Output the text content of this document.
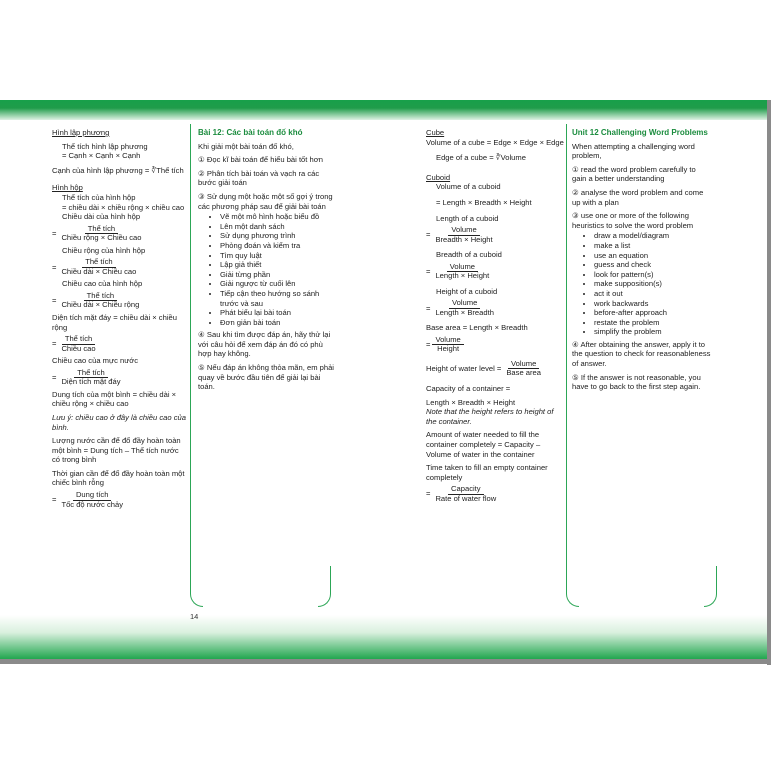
Hình lập phương

Thể tích hình lập phương
= Cạnh × Cạnh × Cạnh
Cạnh của hình lập phương = ∛Thể tích
Hình hộp
Thể tích của hình hộp
= chiều dài × chiều rộng × chiều cao
Chiều dài của hình hộp
= $\frac{\text{Thể tích}}{\text{Chiều rộng × Chiều cao}}$
Chiều rộng của hình hộp
= $\frac{\text{Thể tích}}{\text{Chiều dài × Chiều cao}}$
Chiều cao của hình hộp
= $\frac{\text{Thể tích}}{\text{Chiều dài × Chiều rộng}}$
Diện tích mặt đáy = chiều dài × chiều rộng
= $\frac{\text{Thể tích}}{\text{Chiều cao}}$
Chiều cao của mực nước
= $\frac{\text{Thể tích}}{\text{Diện tích mặt đáy}}$

Dung tích của một bình = chiều dài × chiều rộng × chiều cao

Lưu ý: chiều cao ở đây là chiều cao của bình.

Lượng nước cần để đổ đầy hoàn toàn một bình = Dung tích – Thể tích nước có trong bình

Thời gian cần để đổ đầy hoàn toàn một chiếc bình rỗng
= $\frac{\text{Dung tích}}{\text{Tốc độ nước chảy}}$
Bài 12: Các bài toán đố khó

Khi giải một bài toán đố khó,

① Đọc kĩ bài toán để hiểu bài tốt hơn

② Phân tích bài toán và vạch ra các bước giải toán

③ Sử dụng một hoặc một số gợi ý trong các phương pháp sau để giải bài toán

• Vẽ một mô hình hoặc biểu đồ
• Lên một danh sách
• Sử dụng phương trình
• Phỏng đoán và kiểm tra
• Tìm quy luật
• Lập giả thiết
• Giải từng phần
• Giải ngược từ cuối lên
• Tiếp cận theo hướng so sánh trước và sau
• Phát biểu lại bài toán
• Đơn giản bài toán

④ Sau khi tìm được đáp án, hãy thử lại với câu hỏi để xem đáp án đó có phù hợp hay không.

⑤ Nếu đáp án không thỏa mãn, em phải quay về bước đầu tiên để giải lại bài toán.

14
Cube
Volume of a cube = Edge × Edge × Edge
Edge of a cube = ∛Volume
Cuboid
Volume of a cuboid
= Length × Breadth × Height
Length of a cuboid
= $\frac{\text{Volume}}{\text{Breadth × Height}}$
Breadth of a cuboid
= $\frac{\text{Volume}}{\text{Length × Height}}$
Height of a cuboid
= $\frac{\text{Volume}}{\text{Length × Breadth}}$
Base area = Length × Breadth
= $\frac{\text{Volume}}{\text{Height}}$
Height of water level = $\frac{\text{Volume}}{\text{Base area}}$

Capacity of a container =

Length × Breadth × Height

Note that the height refers to height of the container.

Amount of water needed to fill the container completely = Capacity – Volume of water in the container

Time taken to fill an empty container completely
= $\frac{\text{Capacity}}{\text{Rate of water flow}}$
Unit 12 Challenging Word Problems

When attempting a challenging word problem,

① read the word problem carefully to gain a better understanding

② analyse the word problem and come up with a plan

③ use one or more of the following heuristics to solve the word problem

• draw a model/diagram
• make a list
• use an equation
• guess and check
• look for pattern(s)
• make supposition(s)
• act it out
• work backwards
• before-after approach
• restate the problem
• simplify the problem

④ After obtaining the answer, apply it to the question to check for reasonableness of answer.

⑤ If the answer is not reasonable, you have to go back to the first step again.
